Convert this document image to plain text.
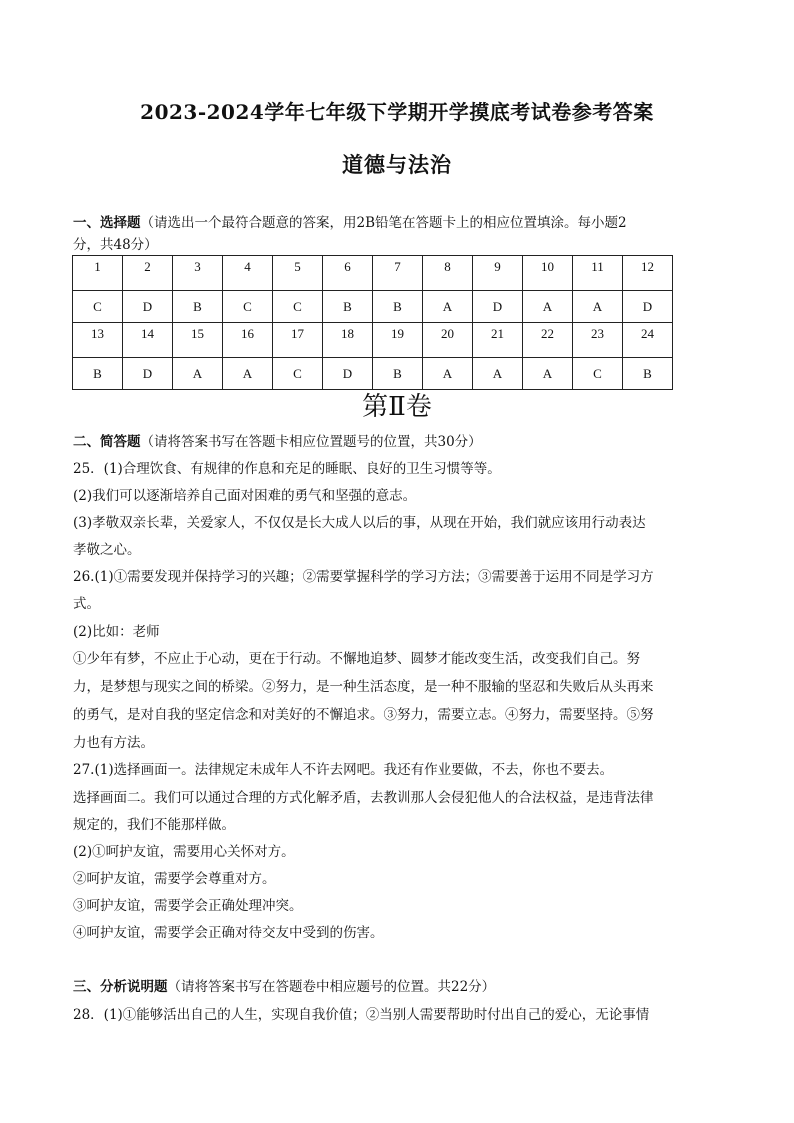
2023-2024学年七年级下学期开学摸底考试卷参考答案
道德与法治
一、选择题（请选出一个最符合题意的答案，用2B铅笔在答题卡上的相应位置填涂。每小题2
分，共48分）
1	2	3	4	5	6	7	8	9	10	11	12
C	D	B	C	C	B	B	A	D	A	A	D
13	14	15	16	17	18	19	20	21	22	23	24
B	D	A	A	C	D	B	A	A	A	C	B
第Ⅱ卷
二、简答题（请将答案书写在答题卡相应位置题号的位置，共30分）
25．(1)合理饮食、有规律的作息和充足的睡眠、良好的卫生习惯等等。
(2)我们可以逐渐培养自己面对困难的勇气和坚强的意志。
(3)孝敬双亲长辈，关爱家人，不仅仅是长大成人以后的事，从现在开始，我们就应该用行动表达
孝敬之心。
26.(1)①需要发现并保持学习的兴趣；②需要掌握科学的学习方法；③需要善于运用不同是学习方
式。
(2)比如：老师
①少年有梦，不应止于心动，更在于行动。不懈地追梦、圆梦才能改变生活，改变我们自己。努
力，是梦想与现实之间的桥梁。②努力，是一种生活态度，是一种不服输的坚忍和失败后从头再来
的勇气，是对自我的坚定信念和对美好的不懈追求。③努力，需要立志。④努力，需要坚持。⑤努
力也有方法。
27.(1)选择画面一。法律规定未成年人不许去网吧。我还有作业要做，不去，你也不要去。
选择画面二。我们可以通过合理的方式化解矛盾，去教训那人会侵犯他人的合法权益，是违背法律
规定的，我们不能那样做。
(2)①呵护友谊，需要用心关怀对方。
②呵护友谊，需要学会尊重对方。
③呵护友谊，需要学会正确处理冲突。
④呵护友谊，需要学会正确对待交友中受到的伤害。
三、分析说明题（请将答案书写在答题卷中相应题号的位置。共22分）
28．(1)①能够活出自己的人生，实现自我价值；②当别人需要帮助时付出自己的爱心，无论事情
